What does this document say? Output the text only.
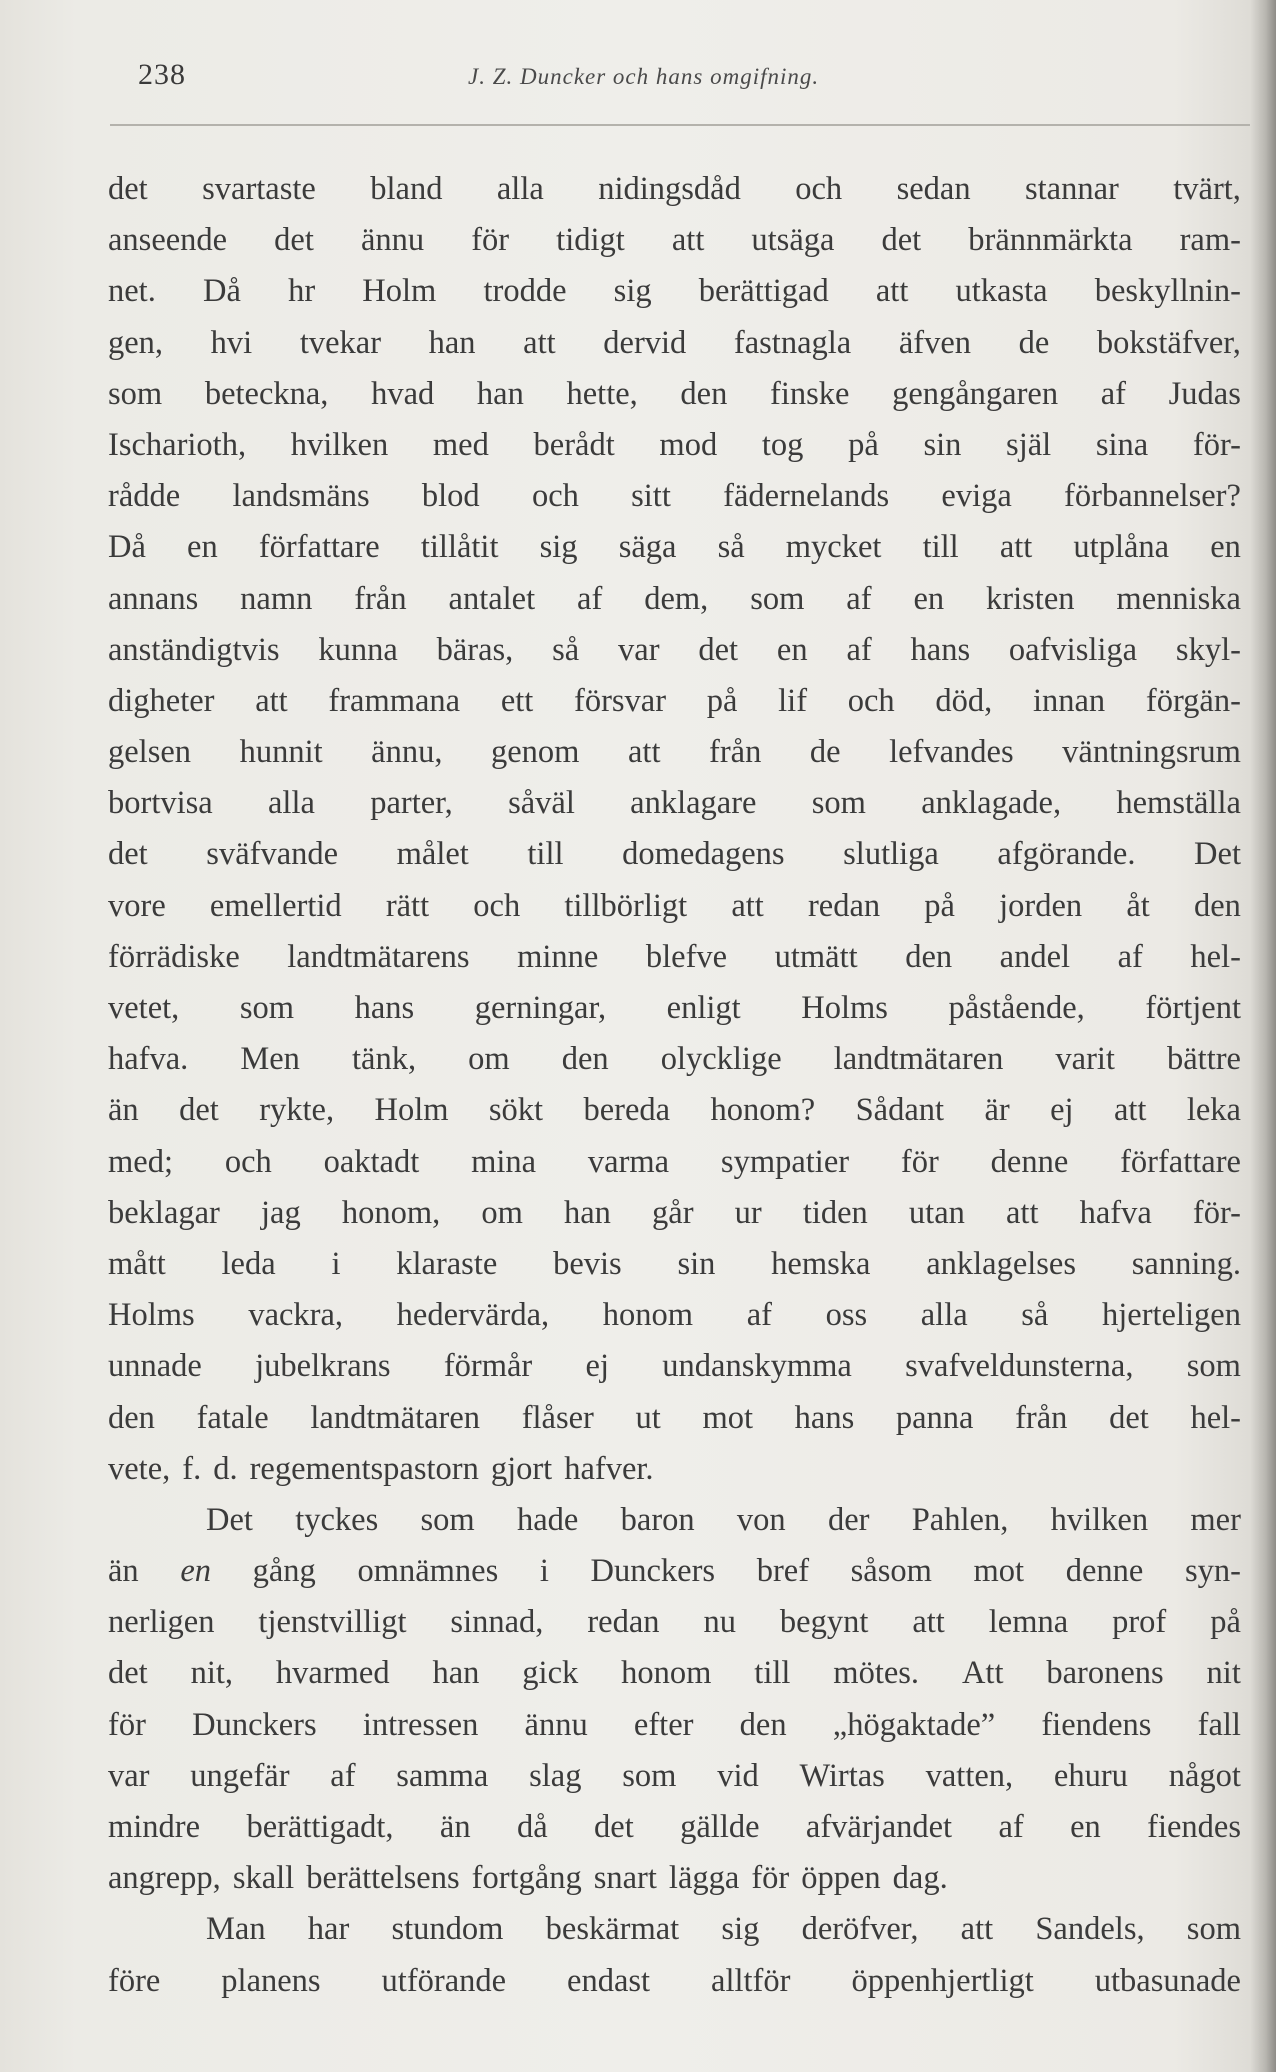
238	J. Z. Duncker och hans omgifning.
det svartaste bland alla nidingsdåd och sedan stannar tvärt,
anseende det ännu för tidigt att utsäga det brännmärkta ram-
net. Då hr Holm trodde sig berättigad att utkasta beskyllnin-
gen, hvi tvekar han att dervid fastnagla äfven de bokstäfver,
som beteckna, hvad han hette, den finske gengångaren af Judas
Ischarioth, hvilken med berådt mod tog på sin själ sina för-
rådde landsmäns blod och sitt fädernelands eviga förbannelser?
Då en författare tillåtit sig säga så mycket till att utplåna en
annans namn från antalet af dem, som af en kristen menniska
anständigtvis kunna bäras, så var det en af hans oafvisliga skyl-
digheter att frammana ett försvar på lif och död, innan förgän-
gelsen hunnit ännu, genom att från de lefvandes väntningsrum
bortvisa alla parter, såväl anklagare som anklagade, hemställa
det sväfvande målet till domedagens slutliga afgörande. Det
vore emellertid rätt och tillbörligt att redan på jorden åt den
förrädiske landtmätarens minne blefve utmätt den andel af hel-
vetet, som hans gerningar, enligt Holms påstående, förtjent
hafva. Men tänk, om den olycklige landtmätaren varit bättre
än det rykte, Holm sökt bereda honom? Sådant är ej att leka
med; och oaktadt mina varma sympatier för denne författare
beklagar jag honom, om han går ur tiden utan att hafva för-
mått leda i klaraste bevis sin hemska anklagelses sanning.
Holms vackra, hedervärda, honom af oss alla så hjerteligen
unnade jubelkrans förmår ej undanskymma svafveldunsterna, som
den fatale landtmätaren flåser ut mot hans panna från det hel-
vete, f. d. regementspastorn gjort hafver.
Det tyckes som hade baron von der Pahlen, hvilken mer
än en gång omnämnes i Dunckers bref såsom mot denne syn-
nerligen tjenstvilligt sinnad, redan nu begynt att lemna prof på
det nit, hvarmed han gick honom till mötes. Att baronens nit
för Dunckers intressen ännu efter den „högaktade” fiendens fall
var ungefär af samma slag som vid Wirtas vatten, ehuru något
mindre berättigadt, än då det gällde afvärjandet af en fiendes
angrepp, skall berättelsens fortgång snart lägga för öppen dag.
Man har stundom beskärmat sig deröfver, att Sandels, som
före planens utförande endast alltför öppenhjertligt utbasunade
